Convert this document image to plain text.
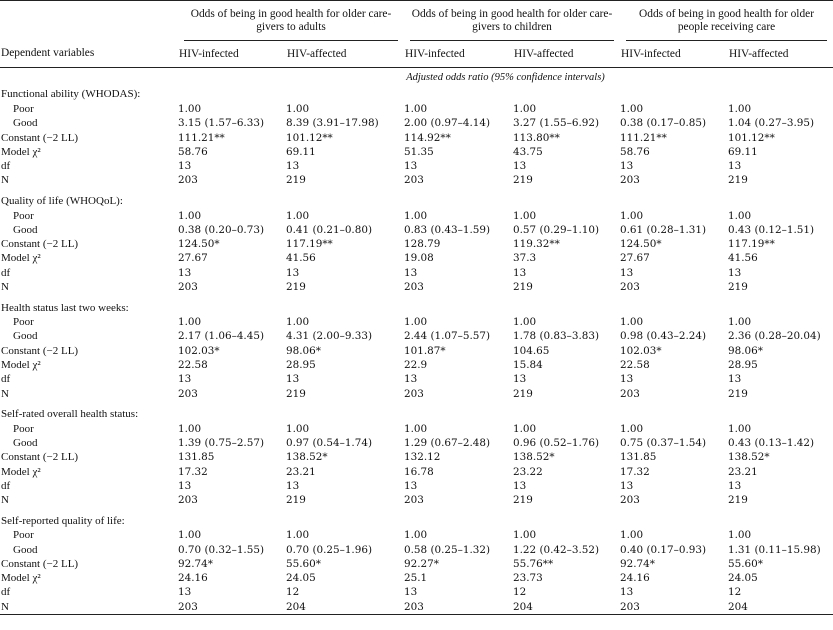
Dependent variables	Odds of being in good health for older care-givers to adults		Odds of being in good health for older care-givers to children		Odds of being in good health for older people receiving care	

	HIV-infected	HIV-affected	HIV-infected	HIV-affected	HIV-infected	HIV-affected
	Adjusted odds ratio (95% confidence intervals)					
Functional ability (WHODAS):						
Poor	1.00	1.00	1.00	1.00	1.00	1.00
Good	3.15 (1.57–6.33)	8.39 (3.91–17.98)	2.00 (0.97–4.14)	3.27 (1.55–6.92)	0.38 (0.17–0.85)	1.04 (0.27–3.95)
Constant (−2 LL)	111.21**	101.12**	114.92**	113.80**	111.21**	101.12**
Model χ²	58.76	69.11	51.35	43.75	58.76	69.11
df	13	13	13	13	13	13
N	203	219	203	219	203	219

Quality of life (WHOQoL):						
Poor	1.00	1.00	1.00	1.00	1.00	1.00
Good	0.38 (0.20–0.73)	0.41 (0.21–0.80)	0.83 (0.43–1.59)	0.57 (0.29–1.10)	0.61 (0.28–1.31)	0.43 (0.12–1.51)
Constant (−2 LL)	124.50*	117.19**	128.79	119.32**	124.50*	117.19**
Model χ²	27.67	41.56	19.08	37.3	27.67	41.56
df	13	13	13	13	13	13
N	203	219	203	219	203	219

Health status last two weeks:						
Poor	1.00	1.00	1.00	1.00	1.00	1.00
Good	2.17 (1.06–4.45)	4.31 (2.00–9.33)	2.44 (1.07–5.57)	1.78 (0.83–3.83)	0.98 (0.43–2.24)	2.36 (0.28–20.04)
Constant (−2 LL)	102.03*	98.06*	101.87*	104.65	102.03*	98.06*
Model χ²	22.58	28.95	22.9	15.84	22.58	28.95
df	13	13	13	13	13	13
N	203	219	203	219	203	219

Self-rated overall health status:						
Poor	1.00	1.00	1.00	1.00	1.00	1.00
Good	1.39 (0.75–2.57)	0.97 (0.54–1.74)	1.29 (0.67–2.48)	0.96 (0.52–1.76)	0.75 (0.37–1.54)	0.43 (0.13–1.42)
Constant (−2 LL)	131.85	138.52*	132.12	138.52*	131.85	138.52*
Model χ²	17.32	23.21	16.78	23.22	17.32	23.21
df	13	13	13	13	13	13
N	203	219	203	219	203	219

Self-reported quality of life:						
Poor	1.00	1.00	1.00	1.00	1.00	1.00
Good	0.70 (0.32–1.55)	0.70 (0.25–1.96)	0.58 (0.25–1.32)	1.22 (0.42–3.52)	0.40 (0.17–0.93)	1.31 (0.11–15.98)
Constant (−2 LL)	92.74*	55.60*	92.27*	55.76**	92.74*	55.60*
Model χ²	24.16	24.05	25.1	23.73	24.16	24.05
df	13	12	13	12	13	12
N	203	204	203	204	203	204
